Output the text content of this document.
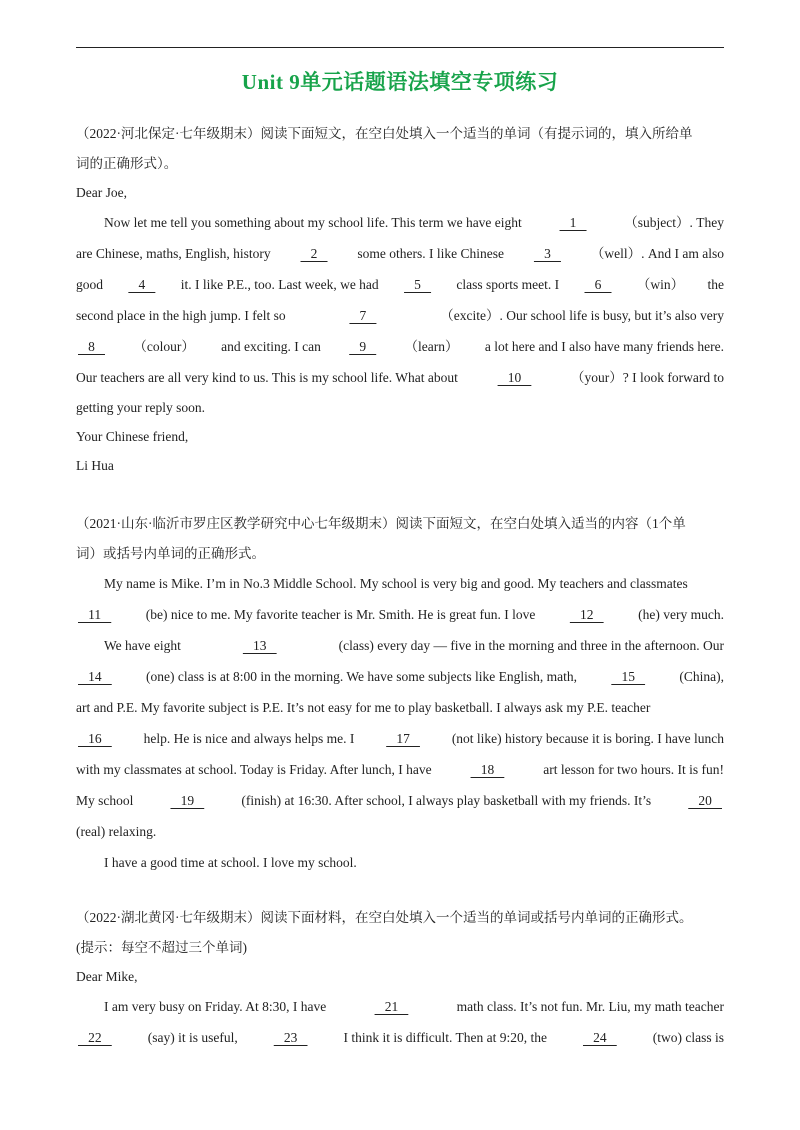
Unit 9单元话题语法填空专项练习
（2022·河北保定·七年级期末）阅读下面短文，在空白处填入一个适当的单词（有提示词的，填入所给单
词的正确形式）。
Dear Joe,
Now let me tell you something about my school life. This term we have eight	1	（subject）. They
are Chinese, maths, English, history 2 some others. I like Chinese 3 （well）. And I am also
good 4 it. I like P.E., too. Last week, we had 5 class sports meet. I 6 （win） the
second place in the high jump. I felt so	7	（excite）. Our school life is busy, but it’s also very
8 （colour） and exciting. I can 9 （learn） a lot here and I also have many friends here.
Our teachers are all very kind to us. This is my school life. What about	10	（your）? I look forward to
getting your reply soon.
Your Chinese friend,
Li Hua
（2021·山东·临沂市罗庄区教学研究中心七年级期末）阅读下面短文，在空白处填入适当的内容（1个单
词）或括号内单词的正确形式。
My name is Mike. I’m in No.3 Middle School. My school is very big and good. My teachers and classmates
11	(be) nice to me. My favorite teacher is Mr. Smith. He is great fun. I love	12	(he) very much.
We have eight	13	(class) every day — five in the morning and three in the afternoon. Our
14	(one) class is at 8:00 in the morning. We have some subjects like English, math,	15	(China),
art and P.E. My favorite subject is P.E. It’s not easy for me to play basketball. I always ask my P.E. teacher
16 help. He is nice and always helps me. I 17 (not like) history because it is boring. I have lunch
with my classmates at school. Today is Friday. After lunch, I have	18	art lesson for two hours. It is fun!
My school	19	(finish) at 16:30. After school, I always play basketball with my friends. It’s	20
(real) relaxing.
I have a good time at school. I love my school.
（2022·湖北黄冈·七年级期末）阅读下面材料，在空白处填入一个适当的单词或括号内单词的正确形式。
(提示：每空不超过三个单词)
Dear Mike,
I am very busy on Friday. At 8:30, I have	21	math class. It’s not fun. Mr. Liu, my math teacher
22	(say) it is useful,	23	I think it is difficult. Then at 9:20, the	24	(two) class is
